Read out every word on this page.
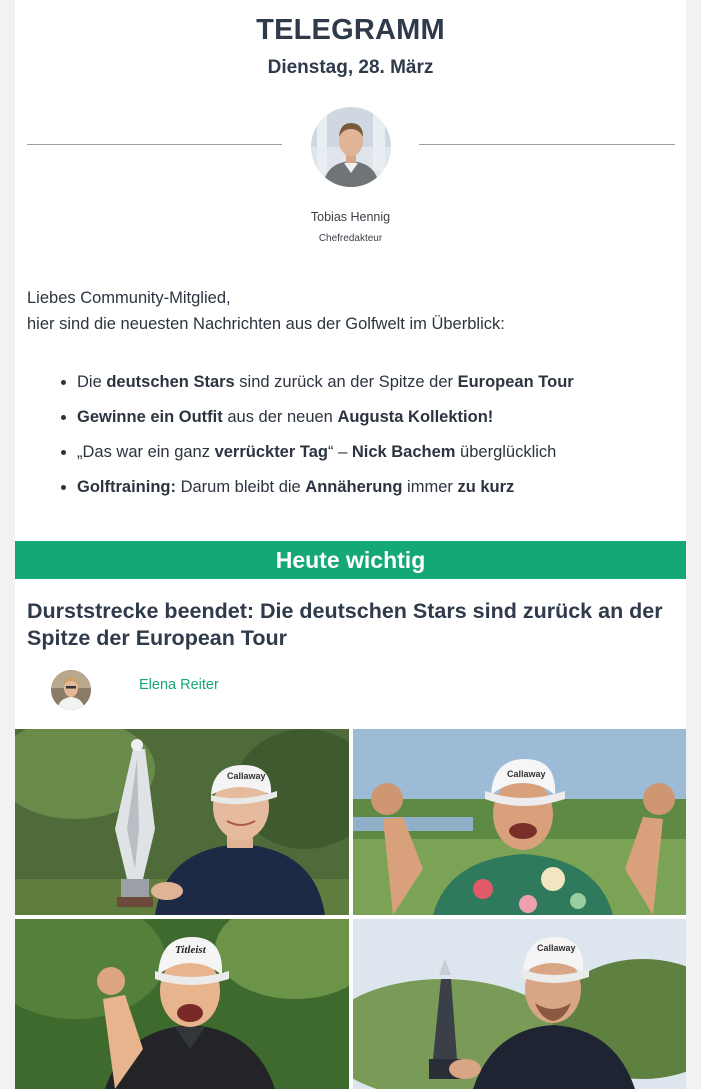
TELEGRAMM
Dienstag, 28. März
Tobias Hennig
Chefredakteur
Liebes Community-Mitglied,
hier sind die neuesten Nachrichten aus der Golfwelt im Überblick:
• Die deutschen Stars sind zurück an der Spitze der European Tour
• Gewinne ein Outfit aus der neuen Augusta Kollektion!
• „Das war ein ganz verrückter Tag“ – Nick Bachem überglücklich
• Golftraining: Darum bleibt die Annäherung immer zu kurz
Heute wichtig
Durststrecke beendet: Die deutschen Stars sind zurück an der Spitze der European Tour
Elena Reiter
Callaway	Callaway
Titleist	Callaway
